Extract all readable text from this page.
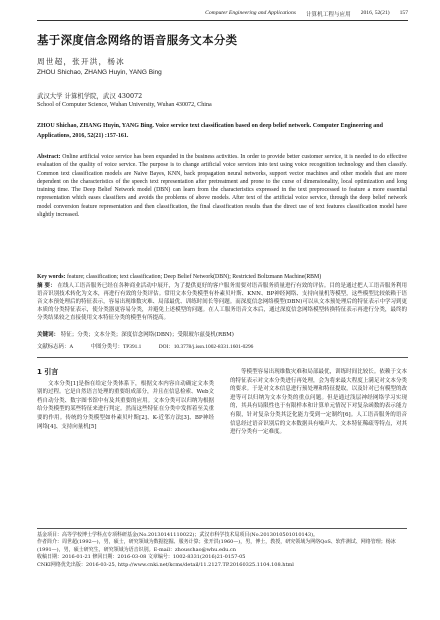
Computer Engineering and Applications 计算机工程与应用 2016, 52(21) 157
基于深度信念网络的语音服务文本分类
周世超，张开洪，杨冰
ZHOU Shichao, ZHANG Huyin, YANG Bing
武汉大学 计算机学院，武汉 430072
School of Computer Science, Wuhan University, Wuhan 430072, China
ZHOU Shichao, ZHANG Huyin, YANG Bing. Voice service text classification based on deep belief network. Computer Engineering and Applications, 2016, 52(21) :157-161.
Abstract: Online artificial voice service has been expanded in the business activities. In order to provide better customer service, it is needed to do effective evaluation of the quality of voice service. The purpose is to change artificial voice services into text using voice recognition technology and then classify. Common text classification models are Naive Bayes, KNN, back propagation neural networks, support vector machines and other models that are more dependent on the characteristics of the speech text representation after pretreatment and prone to the curse of dimensionality, local optimization and long training time. The Deep Belief Network model (DBN) can learn from the characteristics expressed in the text preprocessed to feature a more essential representation which eases classifiers and avoids the problems of above models. After text of the artificial voice service, through the deep belief network model conversion feature representation and then classification, the final classification results than the direct use of text features classification model have slightly increased.
Key words: feature; classification; text classification; Deep Belief Network(DBN); Restricted Boltzmann Machine(RBM)
摘 要： 在线人工语音服务已经在各种商业活动中展开，为了提供更好的客户服务需要对语音服务质量进行有效的评估。目的是通过把人工语音服务利用语音识别技术转化为文本，再进行有效的分类评估。常用文本分类模型有朴素贝叶斯、KNN、BP神经网络、支持向量机等模型，这些模型比较依赖于语音文本预处理后的特征表示，容易出现维数灾难、局部最优、训练时间长等问题。而深度信念网络模型(DBN)可以从文本预处理后的特征表示中学习到更本质的分类特征表示，使分类器更容易分类，并避免上述模型的问题。在人工服务语音文本后，通过深度信念网络模型转换特征表示再进行分类，最终的分类结果较之直接使用文本特征分类的模型有所提高。
关键词： 特征；分类；文本分类；深度信念网络(DBN)；受限玻尔兹曼机(RBM)
文献标志码：A	中图分类号：TP391.1	DOI：10.3778/j.issn.1002-8331.1601-0296
1 引言

文本分类[1]是指在给定分类体系下，根据文本内容自动确定文本类别的过程。它是自然语言处理的重要组成部分，并且在信息检索、Web文档自动分类、数字图书馆中有及其重要的应用。文本分类可以归纳为根据给分类模型的某些特征来进行判定。然而这些特征在分类中发挥着至关重要的作用。传统的分类模型如朴素贝叶斯[2]、K-近邻方法[3]、BP神经网络[4]、支持向量机[5]

等模型容易出现维数灾难和局部最优，训练时间比较长。依赖于文本的特征表示对文本分类进行再处理，会为将来最大程度上满足对文本分类的要求。于是对文本信息进行预处理和特征提取，以及针对已有模型的改进等可以归纳为文本分类的重点问题。但是通过浅层神经网络学习实现的，其具有局限性也于有限样本和计算单元情况下对复杂函数的表示能力有限，针对复杂分类其泛化能力受到一定制约[6]。人工语音服务的语音信息经过语音识别后的文本数据具有噪声大、文本特征稀疏等特点，对其进行分类有一定难度。

基金项目：高等学校博士学科点专项科研基金(No.20130141110022)；武汉市科学技术局项目(No.2013010501010143)。
作者简介：周世超(1992—)，男，硕士，研究领域为数据挖掘、服务计算；张开洪(1960—)，男，博士，教授，研究领域为网络QoS、软件测试、网络管理；杨冰(1991—)，男，硕士研究生，研究领域为语音识别。E-mail：zhouschao@whu.edu.cn
收稿日期：2016-01-21 修回日期：2016-03-08 文章编号：1002-8331(2016)21-0157-05
CNKI网络优先出版：2016-03-25, http://www.cnki.net/kcms/detail/11.2127.TP.20160325.1104.108.html
